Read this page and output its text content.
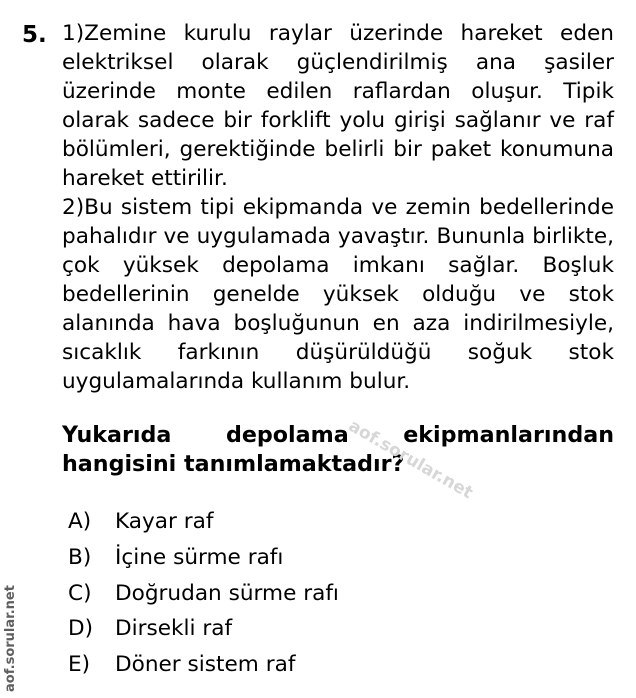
5. 1)Zemine kurulu raylar üzerinde hareket eden elektriksel olarak güçlendirilmiş ana şasiler üzerinde monte edilen raflardan oluşur. Tipik olarak sadece bir forklift yolu girişi sağlanır ve raf bölümleri, gerektiğinde belirli bir paket konumuna hareket ettirilir.
2)Bu sistem tipi ekipmanda ve zemin bedellerinde pahalıdır ve uygulamada yavaştır. Bununla birlikte, çok yüksek depolama imkanı sağlar. Boşluk bedellerinin genelde yüksek olduğu ve stok alanında hava boşluğunun en aza indirilmesiyle, sıcaklık farkının düşürüldüğü soğuk stok uygulamalarında kullanım bulur.
Yukarıda depolama ekipmanlarından hangisini tanımlamaktadır?
A)	Kayar raf
B)	İçine sürme rafı
C)	Doğrudan sürme rafı
D)	Dirsekli raf
E)	Döner sistem raf
aof.sorular.net
aof.sorular.net
